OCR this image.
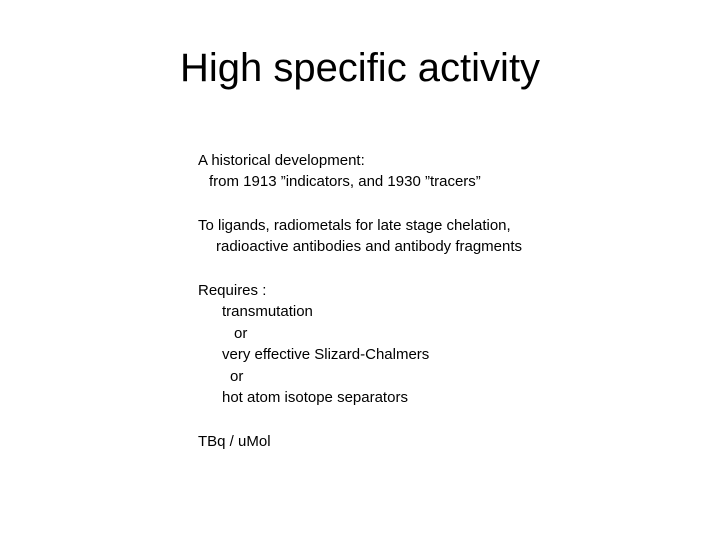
High specific activity
A historical development:
from 1913 ”indicators, and 1930 ”tracers”
To ligands, radiometals for late stage chelation,
radioactive antibodies and antibody fragments
Requires :
transmutation
or
very effective Slizard-Chalmers
or
hot atom isotope separators
TBq / uMol
